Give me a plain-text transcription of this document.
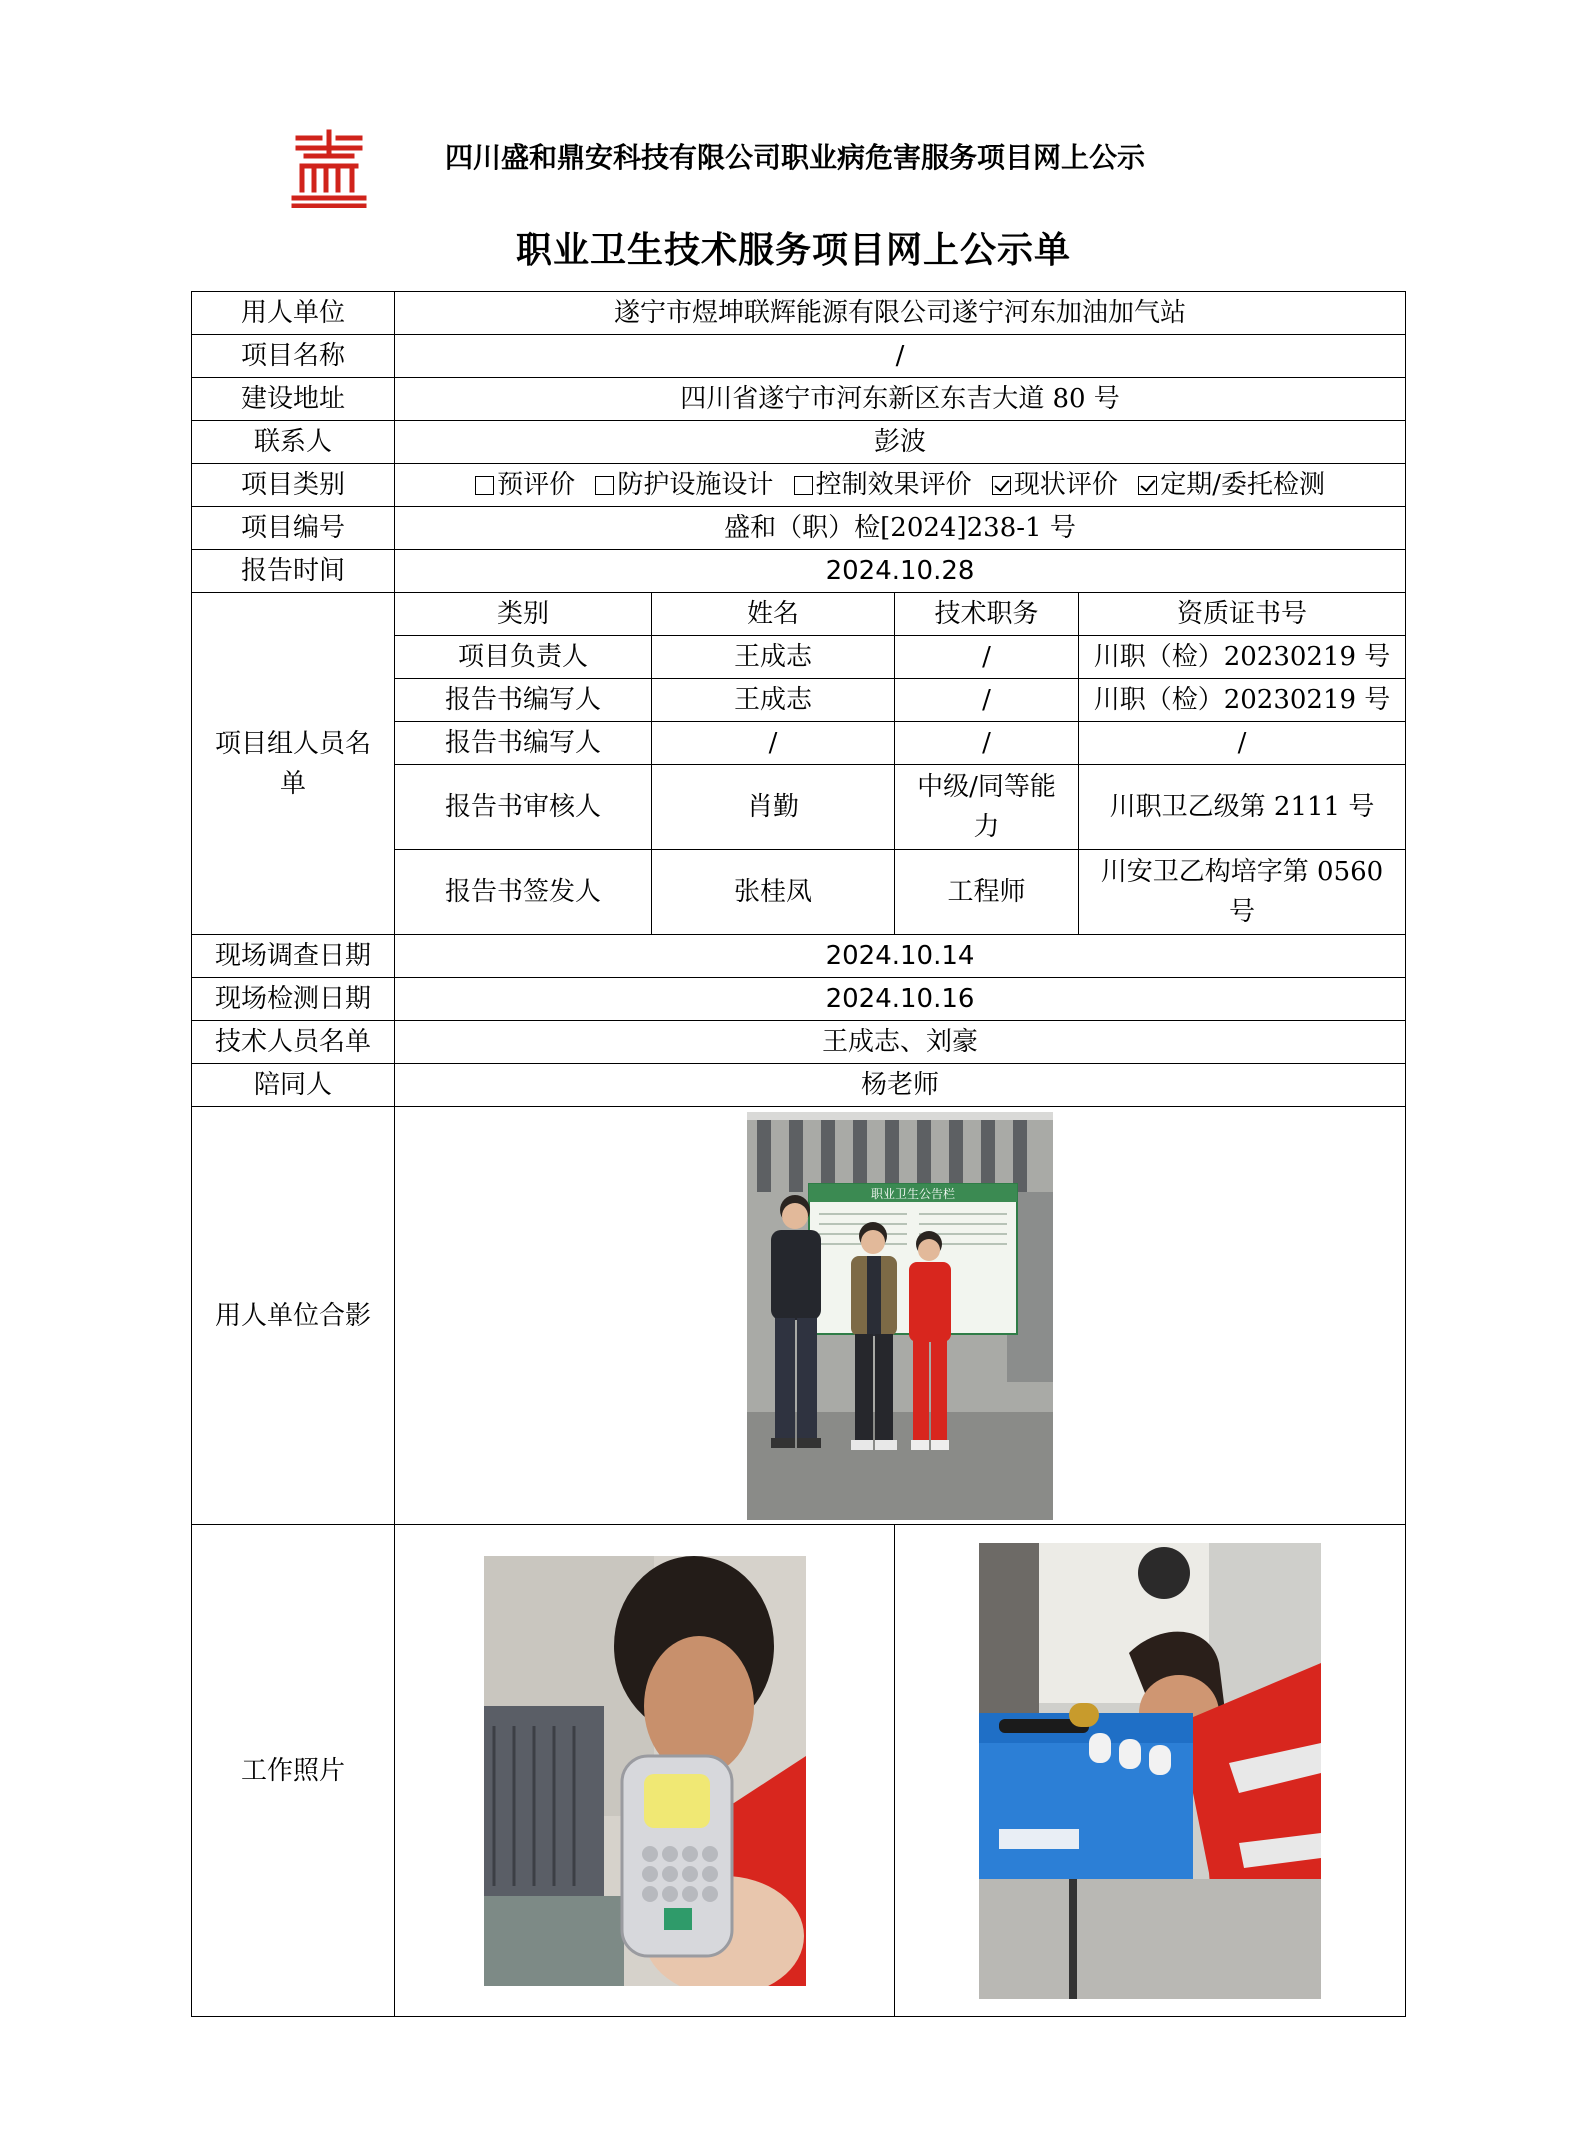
四川盛和鼎安科技有限公司职业病危害服务项目网上公示
职业卫生技术服务项目网上公示单
用人单位	遂宁市煜坤联辉能源有限公司遂宁河东加油加气站			
项目名称	/			
建设地址	四川省遂宁市河东新区东吉大道 80 号			
联系人	彭波			
项目类别	预评价 防护设施设计 控制效果评价 现状评价 定期/委托检测			
项目编号	盛和（职）检[2024]238-1 号			
报告时间	2024.10.28			
项目组人员名单	类别	姓名	技术职务	资质证书号
	项目负责人	王成志	/	川职（检）20230219 号
	报告书编写人	王成志	/	川职（检）20230219 号
	报告书编写人	/	/	/
	报告书审核人	肖勤	中级/同等能力	川职卫乙级第 2111 号
	报告书签发人	张桂凤	工程师	川安卫乙构培字第 0560 号
现场调查日期	2024.10.14			
现场检测日期	2024.10.16			
技术人员名单	王成志、刘豪			
陪同人	杨老师			
用人单位合影	职业卫生公告栏			

工作照片	
